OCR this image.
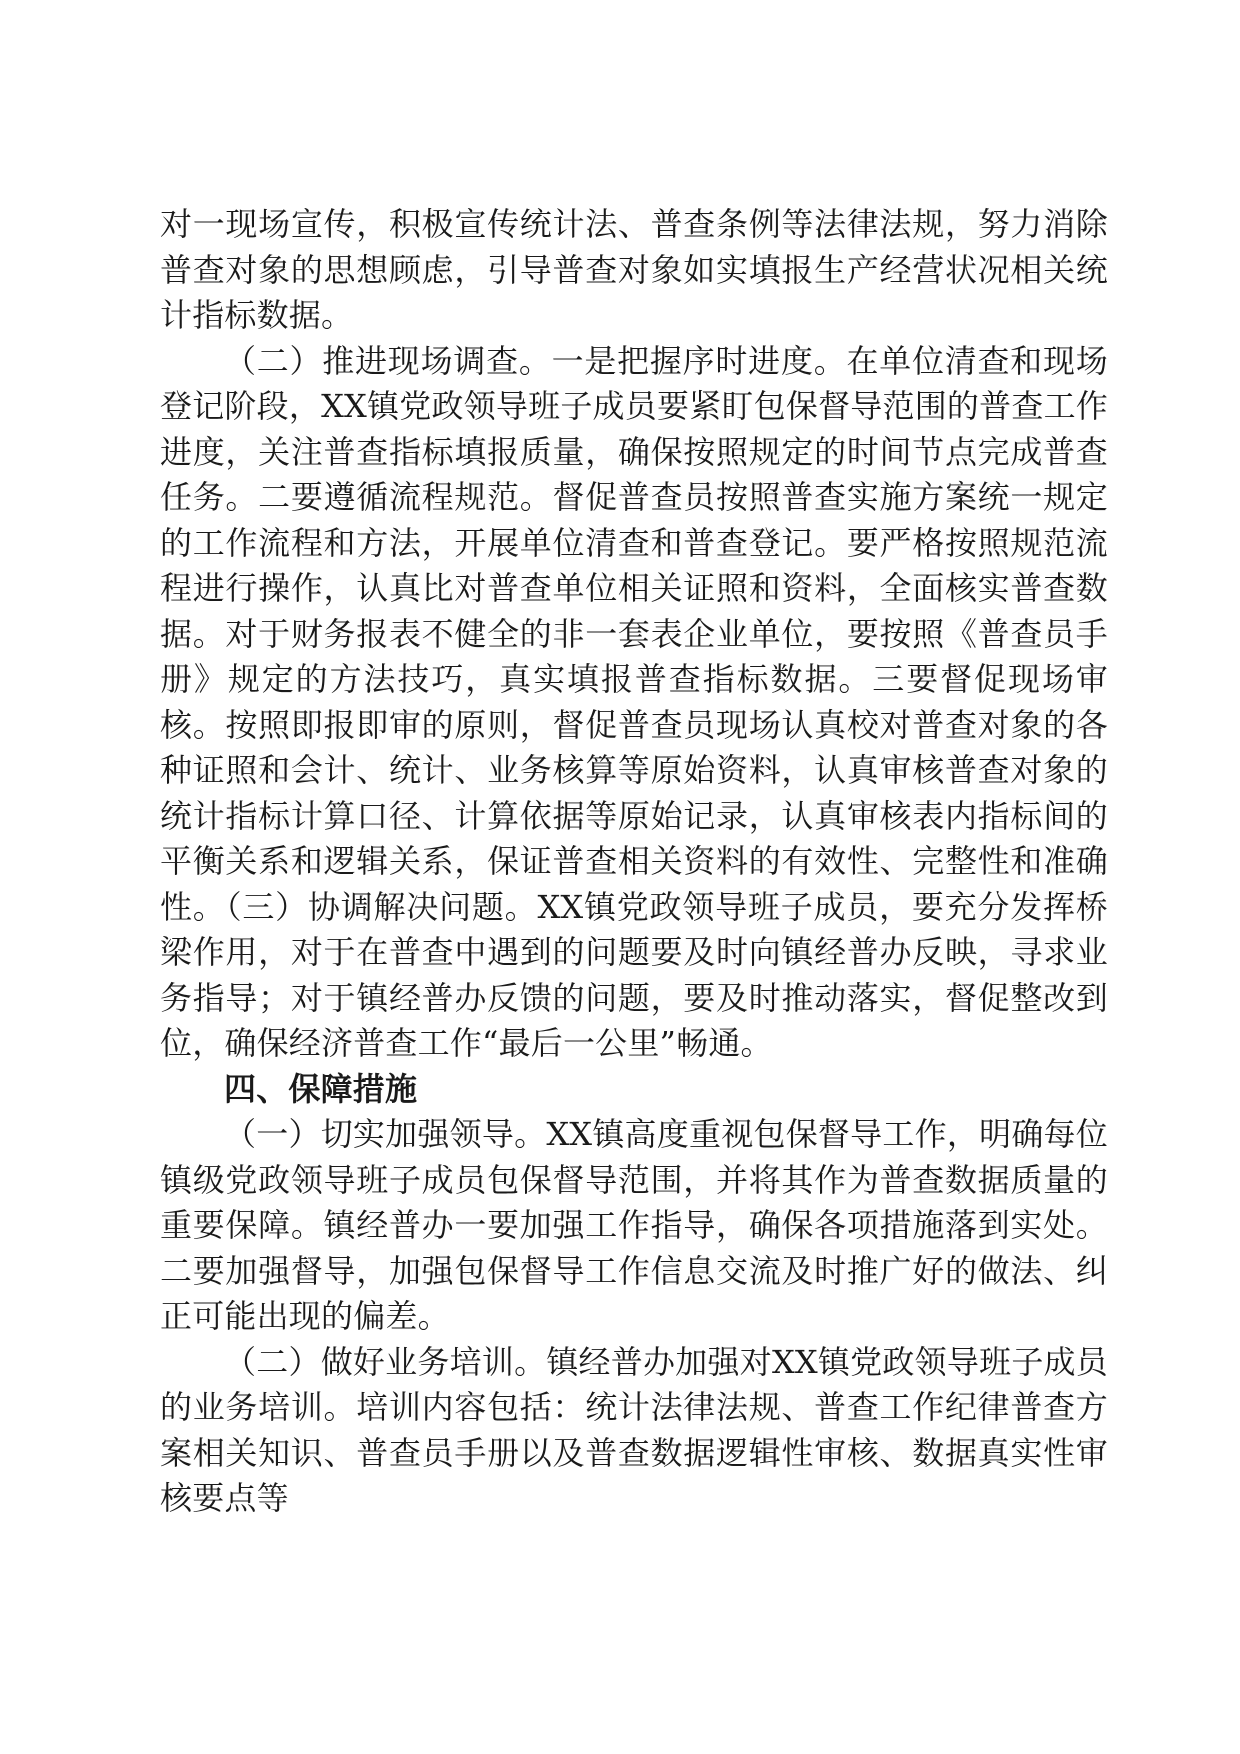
对一现场宣传，积极宣传统计法、普查条例等法律法规，努力消除普查对象的思想顾虑，引导普查对象如实填报生产经营状况相关统计指标数据。

（二）推进现场调查。一是把握序时进度。在单位清查和现场登记阶段，XX镇党政领导班子成员要紧盯包保督导范围的普查工作进度，关注普查指标填报质量，确保按照规定的时间节点完成普查任务。二要遵循流程规范。督促普查员按照普查实施方案统一规定的工作流程和方法，开展单位清查和普查登记。要严格按照规范流程进行操作，认真比对普查单位相关证照和资料，全面核实普查数据。对于财务报表不健全的非一套表企业单位，要按照《普查员手册》规定的方法技巧，真实填报普查指标数据。三要督促现场审核。按照即报即审的原则，督促普查员现场认真校对普查对象的各种证照和会计、统计、业务核算等原始资料，认真审核普查对象的统计指标计算口径、计算依据等原始记录，认真审核表内指标间的平衡关系和逻辑关系，保证普查相关资料的有效性、完整性和准确性。（三）协调解决问题。XX镇党政领导班子成员，要充分发挥桥梁作用，对于在普查中遇到的问题要及时向镇经普办反映，寻求业务指导；对于镇经普办反馈的问题，要及时推动落实，督促整改到位，确保经济普查工作“最后一公里”畅通。

四、保障措施

（一）切实加强领导。XX镇高度重视包保督导工作，明确每位镇级党政领导班子成员包保督导范围，并将其作为普查数据质量的重要保障。镇经普办一要加强工作指导，确保各项措施落到实处。二要加强督导，加强包保督导工作信息交流及时推广好的做法、纠正可能出现的偏差。

（二）做好业务培训。镇经普办加强对XX镇党政领导班子成员的业务培训。培训内容包括：统计法律法规、普查工作纪律普查方案相关知识、普查员手册以及普查数据逻辑性审核、数据真实性审核要点等
